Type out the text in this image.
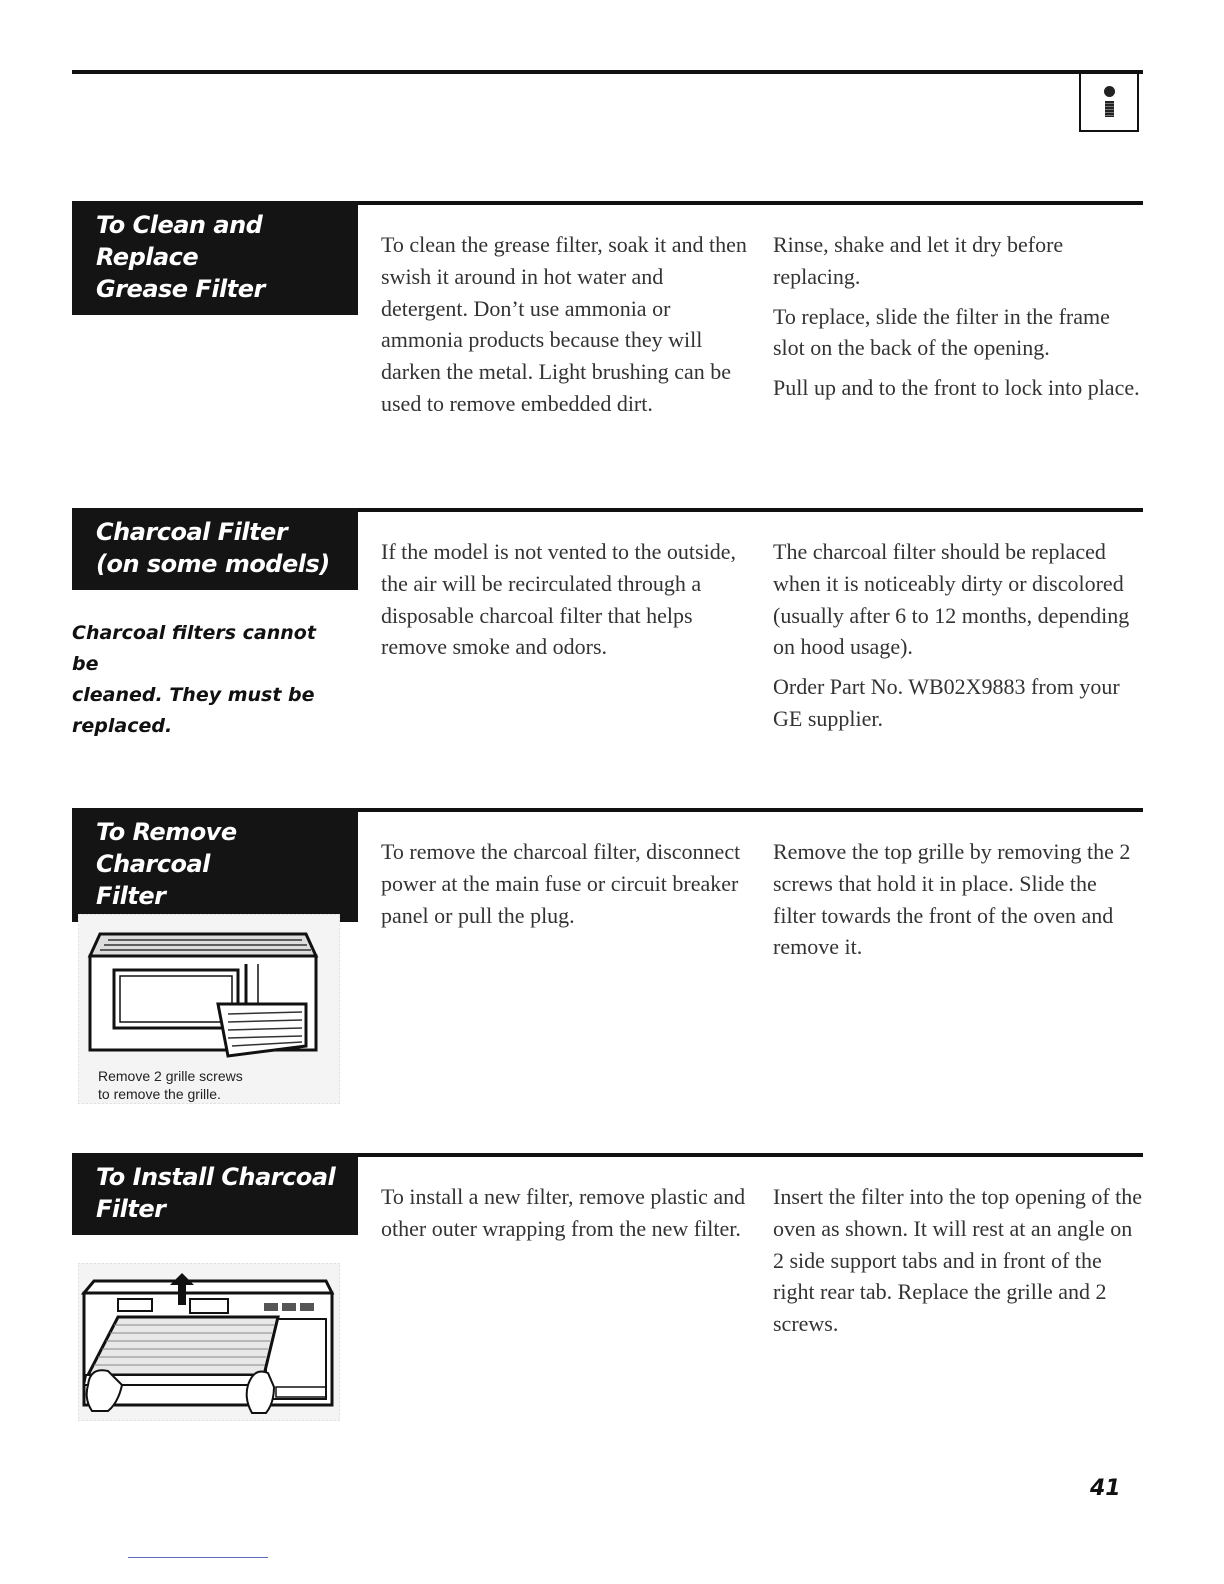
To Clean and Replace
Grease Filter

To clean the grease filter, soak it and then swish it around in hot water and detergent. Don’t use ammonia or ammonia products because they will darken the metal. Light brushing can be used to remove embedded dirt.

Rinse, shake and let it dry before replacing.

To replace, slide the filter in the frame slot on the back of the opening.

Pull up and to the front to lock into place.

Charcoal Filter
(on some models)
Charcoal filters cannot be
cleaned. They must be
replaced.

If the model is not vented to the outside, the air will be recirculated through a disposable charcoal filter that helps remove smoke and odors.

The charcoal filter should be replaced when it is noticeably dirty or discolored (usually after 6 to 12 months, depending on hood usage).

Order Part No. WB02X9883 from your GE supplier.

To Remove Charcoal
Filter
Remove 2 grille screws
to remove the grille.

To remove the charcoal filter, disconnect power at the main fuse or circuit breaker panel or pull the plug.

Remove the top grille by removing the 2 screws that hold it in place. Slide the filter towards the front of the oven and remove it.

To Install Charcoal
Filter	To install a new filter, remove plastic and other outer wrapping from the new filter.

Insert the filter into the top opening of the oven as shown. It will rest at an angle on 2 side support tabs and in front of the right rear tab. Replace the grille and 2 screws.

41
